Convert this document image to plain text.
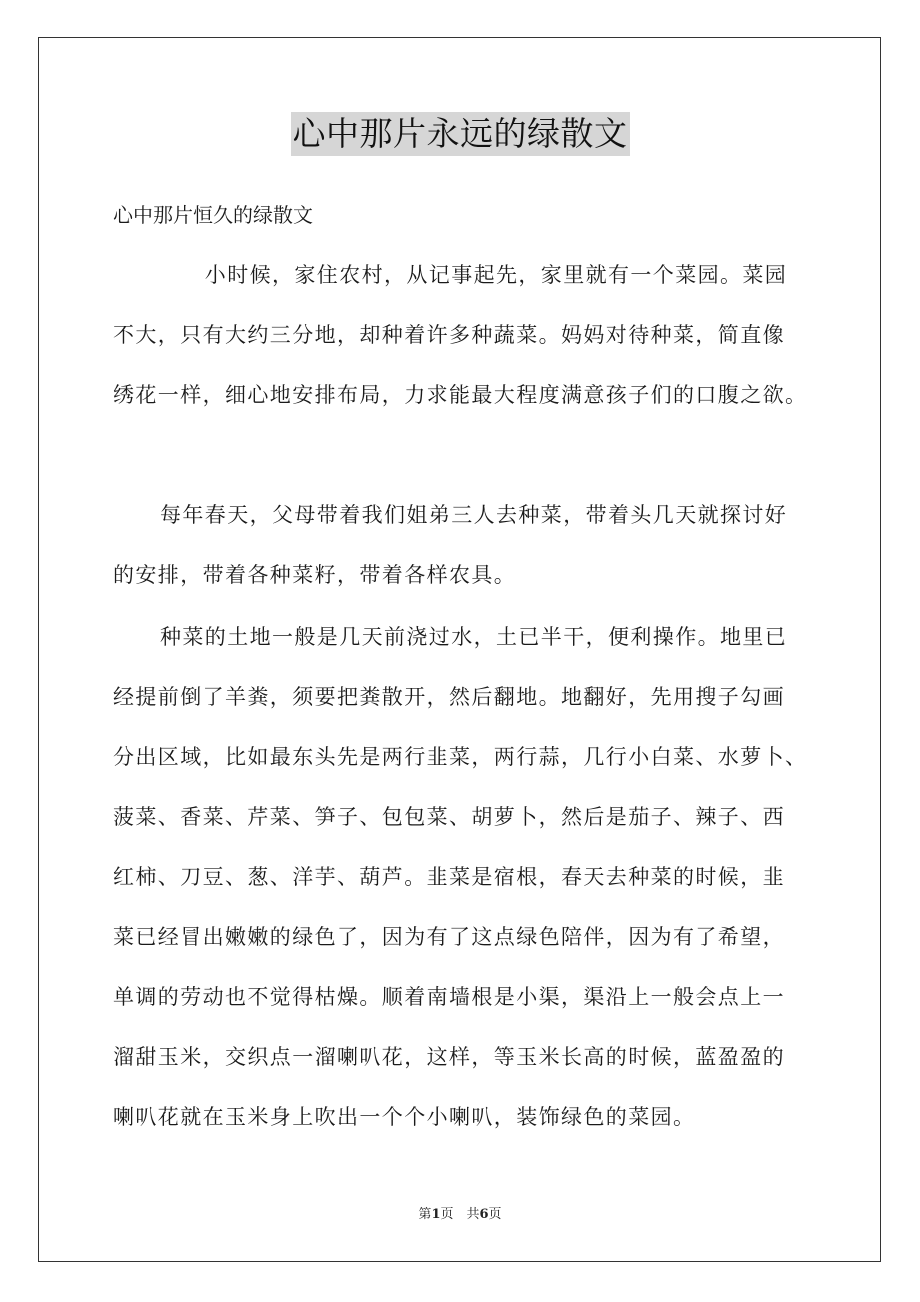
心中那片永远的绿散文
心中那片恒久的绿散文
　　小时候，家住农村，从记事起先，家里就有一个菜园。菜园
不大，只有大约三分地，却种着许多种蔬菜。妈妈对待种菜，简直像
绣花一样，细心地安排布局，力求能最大程度满意孩子们的口腹之欲。
每年春天，父母带着我们姐弟三人去种菜，带着头几天就探讨好
的安排，带着各种菜籽，带着各样农具。
种菜的土地一般是几天前浇过水，土已半干，便利操作。地里已
经提前倒了羊粪，须要把粪散开，然后翻地。地翻好，先用搜子勾画
分出区域，比如最东头先是两行韭菜，两行蒜，几行小白菜、水萝卜、
菠菜、香菜、芹菜、笋子、包包菜、胡萝卜，然后是茄子、辣子、西
红柿、刀豆、葱、洋芋、葫芦。韭菜是宿根，春天去种菜的时候，韭
菜已经冒出嫩嫩的绿色了，因为有了这点绿色陪伴，因为有了希望，
单调的劳动也不觉得枯燥。顺着南墙根是小渠，渠沿上一般会点上一
溜甜玉米，交织点一溜喇叭花，这样，等玉米长高的时候，蓝盈盈的
喇叭花就在玉米身上吹出一个个小喇叭，装饰绿色的菜园。
第1页　共6页
